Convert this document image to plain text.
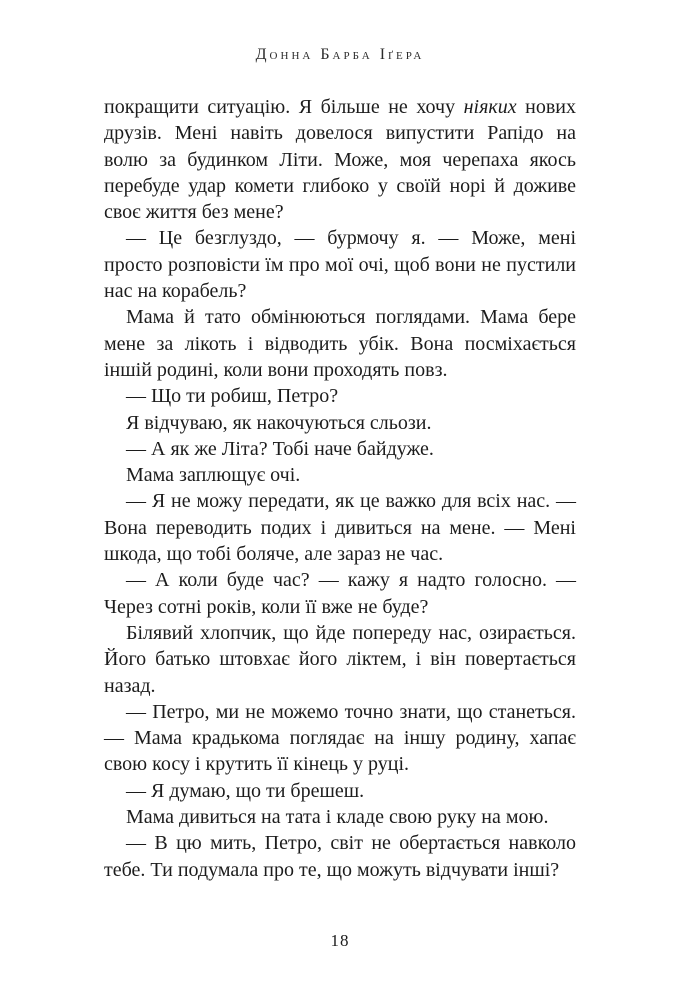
Донна Барба Іґера

покращити ситуацію. Я більше не хочу ніяких нових друзів. Мені навіть довелося випустити Рапідо на волю за будинком Літи. Може, моя черепаха якось перебуде удар комети глибоко у своїй норі й доживе своє життя без мене?

— Це безглуздо, — бурмочу я. — Може, мені просто розповісти їм про мої очі, щоб вони не пустили нас на корабель?

Мама й тато обмінюються поглядами. Мама бере мене за лікоть і відводить убік. Вона посміхається іншій родині, коли вони проходять повз.

— Що ти робиш, Петро?

Я відчуваю, як накочуються сльози.

— А як же Літа? Тобі наче байдуже.

Мама заплющує очі.

— Я не можу передати, як це важко для всіх нас. — Вона переводить подих і дивиться на мене. — Мені шкода, що тобі боляче, але зараз не час.

— А коли буде час? — кажу я надто голосно. — Через сотні років, коли її вже не буде?

Білявий хлопчик, що йде попереду нас, озирається. Його батько штовхає його ліктем, і він повертається назад.

— Петро, ми не можемо точно знати, що станеться. — Мама крадькома поглядає на іншу родину, хапає свою косу і крутить її кінець у руці.

— Я думаю, що ти брешеш.

Мама дивиться на тата і кладе свою руку на мою.

— В цю мить, Петро, світ не обертається навколо тебе. Ти подумала про те, що можуть відчувати інші?

18
